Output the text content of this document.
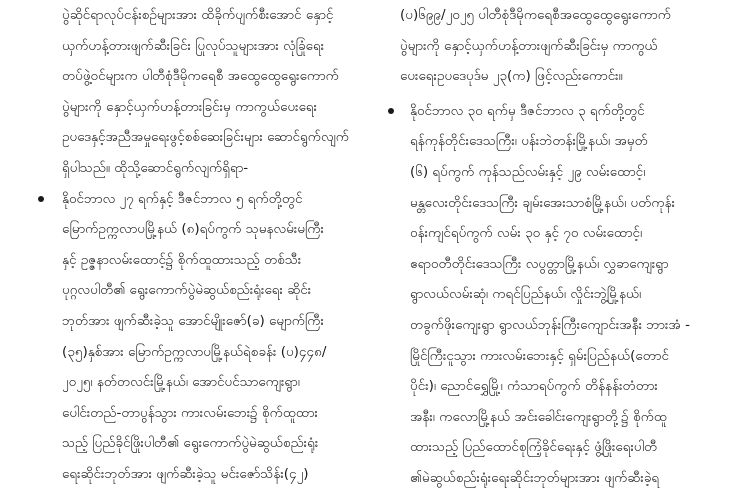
ပွဲဆိုင်ရာလုပ်ငန်းစဉ်များအား ထိခိုက်ပျက်စီးအောင် နှောင့်
ယှက်ဟန့်တားဖျက်ဆီးခြင်း ပြုလုပ်သူများအား လုံခြုံရေး
တပ်ဖွဲ့ဝင်များက ပါတီစုံဒီမိုကရေစီ အထွေထွေရွေးကောက်
ပွဲများကို နှောင့်ယှက်ဟန့်တားခြင်းမှ ကာကွယ်ပေးရေး
ဥပဒေနှင့်အညီအမှုရေးဖွင့်စစ်ဆေးခြင်းများ ဆောင်ရွက်လျက်
ရှိပါသည်။ ထိုသို့ဆောင်ရွက်လျက်ရှိရာ-
နိုဝင်ဘာလ ၂၇ ရက်နှင့် ဒီဇင်ဘာလ ၅ ရက်တို့တွင်
မြောက်ဥက္ကလာပမြို့နယ် (၈)ရပ်ကွက် သုမနလမ်းမကြီး
နှင့် ဥဇ္ဇနာလမ်းထောင့်၌ စိုက်ထူထားသည့် တစ်သီး
ပုဂ္ဂလပါတီ၏ ရွေးကောက်ပွဲမဲဆွယ်စည်းရုံးရေး ဆိုင်း
ဘုတ်အား ဖျက်ဆီးခဲ့သူ အောင်မျိုးဇော်(ခ) မျောက်ကြီး
(၃၅)နှစ်အား မြောက်ဥက္ကလာပမြို့နယ်ရဲစခန်း (ပ)၄၄၈/
၂၀၂၅၊ နတ်တလင်းမြို့နယ်၊ အောင်ပင်သာကျေးရွာ၊
ပေါင်းတည်-တာပွန်သွား ကားလမ်းဘေး၌ စိုက်ထူထား
သည့် ပြည်ခိုင်ဖြိုးပါတီ၏ ရွေးကောက်ပွဲမဲဆွယ်စည်းရုံး
ရေးဆိုင်းဘုတ်အား ဖျက်ဆီးခဲ့သူ မင်းဇော်သိန်း(၄၂)
(ပ)၆၉၉/၂၀၂၅ ပါတီစုံဒီမိုကရေစီအထွေထွေရွေးကောက်
ပွဲများကို နှောင့်ယှက်ဟန့်တားဖျက်ဆီးခြင်းမှ ကာကွယ်
ပေးရေးဥပဒေပုဒ်မ ၂၃(က) ဖြင့်လည်းကောင်း။
နိုဝင်ဘာလ ၃၀ ရက်မှ ဒီဇင်ဘာလ ၃ ရက်တို့တွင်
ရန်ကုန်တိုင်းဒေသကြီး၊ ပန်းဘဲတန်းမြို့နယ်၊ အမှတ်
(၆) ရပ်ကွက် ကုန်သည်လမ်းနှင့် ၂၉ လမ်းထောင့်၊
မန္တလေးတိုင်းဒေသကြီး ချမ်းအေးသာစံမြို့နယ်၊ ပတ်ကုန်း
ဝန်းကျင်ရပ်ကွက် လမ်း ၃၀ နှင့် ၇၀ လမ်းထောင့်၊
ဧရာဝတီတိုင်းဒေသကြီး လပွတ္တာမြို့နယ်၊ လွှခာကျေးရွာ
ရွာလယ်လမ်းဆုံ၊ ကရင်ပြည်နယ်၊ လှိုင်းဘွဲ့မြို့နယ်၊
တခွက်ဖိုးကျေးရွာ ရွာလယ်ဘုန်းကြီးကျောင်းအနီး ဘားအံ -
မြိုင်ကြီးငူသွား ကားလမ်းဘေးနှင့် ရှမ်းပြည်နယ်(တောင်
ပိုင်း)၊ ညောင်ရွှေမြို့၊ ကံသာရပ်ကွက် တိန်နန်းတံတား
အနီး၊ ကလောမြို့နယ် အင်းခေါင်းကျေးရွာတို့၌ စိုက်ထူ
ထားသည့် ပြည်ထောင်စုကြံ့ခိုင်ရေးနှင့် ဖွံ့ဖြိုးရေးပါတီ
၏မဲဆွယ်စည်းရုံးရေးဆိုင်းဘုတ်များအား ဖျက်ဆီးခဲ့ရ
